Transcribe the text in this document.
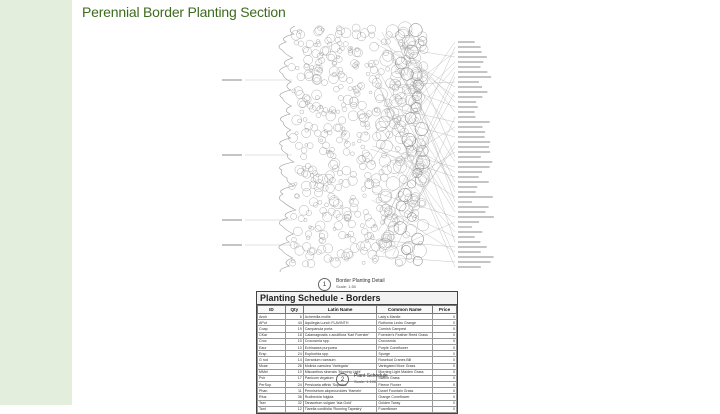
Perennial Border Planting Section
1
Border Planting Detail
Scale: 1:50
Planting Schedule - Borders
ID	Qty	Latin Name	Common Name	Price
Anch	6	Achemilla mollis	Lady's Mantle	0
APut	44	Aquilegia Lunch FLAVINTH	Ruthonia Ledro Grange	0
Coap	19	Campanula porta	Cornish Campest	0
CKar	18	Calamagrostis x acutiflora 'Karl Foerster'	Foerster's Feather Reed Grass	0
Croc	10	Crocosmia spp.	Crocosmia	0
Eaur	10	Echinacea purpurea	Purple Coneflower	0
Ersp	24	Euphorbia spp.	Spurge	0
G rod	14	Geranium rozeaum	Rosebud Cranes Bill	0
Mcae	26	Molinia caerulea 'Variegata'	Variegated Moor Grass	0
MMel	10	Miscanthus sinensis 'Morning Light'	Morning Light Maiden Grass	0
Pvir	17	Panicum virgatum	Switch Grass	0
PerSup	24	Persicaria affinis 'Superba'	Fleece Flower	0
Phan	11	Pennisetum alopecuroides 'Hameln'	Dwarf Fountain Grass	0
Rfus	36	Rudbeckia fulgida	Orange Coneflower	0
Tser	32	Tanacetum vulgare 'Isla Gold'	Golden Tansy	0
Tant	12	Tiarella cordifolia 'Running Tapestry'	Foamflower	0
2
Plant Schedule
Scale: 1:100
